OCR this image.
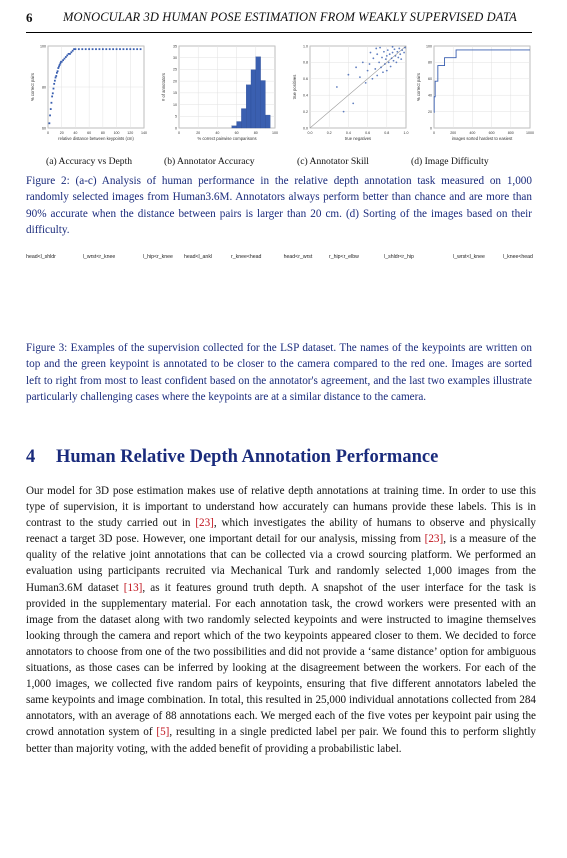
6 MONOCULAR 3D HUMAN POSE ESTIMATION FROM WEAKLY SUPERVISED DATA
0	20	40	60	80 100 120 140
60
80
100
relative distance between keypoints (cm)
% correct pairs
0	20	40	60	80	100
0
5
10
15
20
25
30
35
% correct pairwise comparisons
# of annotators
0.0	0.2	0.4	0.6	0.8	1.0
0.0
0.2
0.4
0.6
0.8
1.0
true negatives
true positives
0	200	400	600	800	1000
0
20
40
60
80
100
images sorted hardest to easiest
% correct pairs
(a) Accuracy vs Depth	(b) Annotator Accuracy	(c) Annotator Skill	(d) Image Difficulty
Figure 2: (a-c) Analysis of human performance in the relative depth annotation task measured on 1,000 randomly selected images from Human3.6M. Annotators always perform better than chance and are more than 90% accurate when the distance between pairs is larger than 20 cm. (d) Sorting of the images based on their difficulty.
head<l_shldr	l_wrst<r_knee	l_hip<r_knee	head<l_ankl	r_knee<head	head<r_wrst	r_hip<r_elbw	l_shldr<r_hip	l_wrst<l_knee	l_knee<head
Figure 3: Examples of the supervision collected for the LSP dataset. The names of the keypoints are written on top and the green keypoint is annotated to be closer to the camera compared to the red one. Images are sorted left to right from most to least confident based on the annotator's agreement, and the last two examples illustrate particularly challenging cases where the keypoints are at a similar distance to the camera.
4 Human Relative Depth Annotation Performance

Our model for 3D pose estimation makes use of relative depth annotations at training time. In order to use this type of supervision, it is important to understand how accurately can humans provide these labels. This is in contrast to the study carried out in [23], which investigates the ability of humans to observe and physically reenact a target 3D pose. However, one important detail for our analysis, missing from [23], is a measure of the quality of the relative joint annotations that can be collected via a crowd sourcing platform. We performed an evaluation using participants recruited via Mechanical Turk and randomly selected 1,000 images from the Human3.6M dataset [13], as it features ground truth depth. A snapshot of the user interface for the task is provided in the supplementary material. For each annotation task, the crowd workers were presented with an image from the dataset along with two randomly selected keypoints and were instructed to imagine themselves looking through the camera and report which of the two keypoints appeared closer to them. We decided to force annotators to choose from one of the two possibilities and did not provide a ‘same distance’ option for ambiguous situations, as those cases can be inferred by looking at the disagreement between the workers. For each of the 1,000 images, we collected five random pairs of keypoints, ensuring that five different annotators labeled the same keypoints and image combination. In total, this resulted in 25,000 individual annotations collected from 284 annotators, with an average of 88 annotations each. We merged each of the five votes per keypoint pair using the crowd annotation system of [5], resulting in a single predicted label per pair. We found this to perform slightly better than majority voting, with the added benefit of providing a probabilistic label.
